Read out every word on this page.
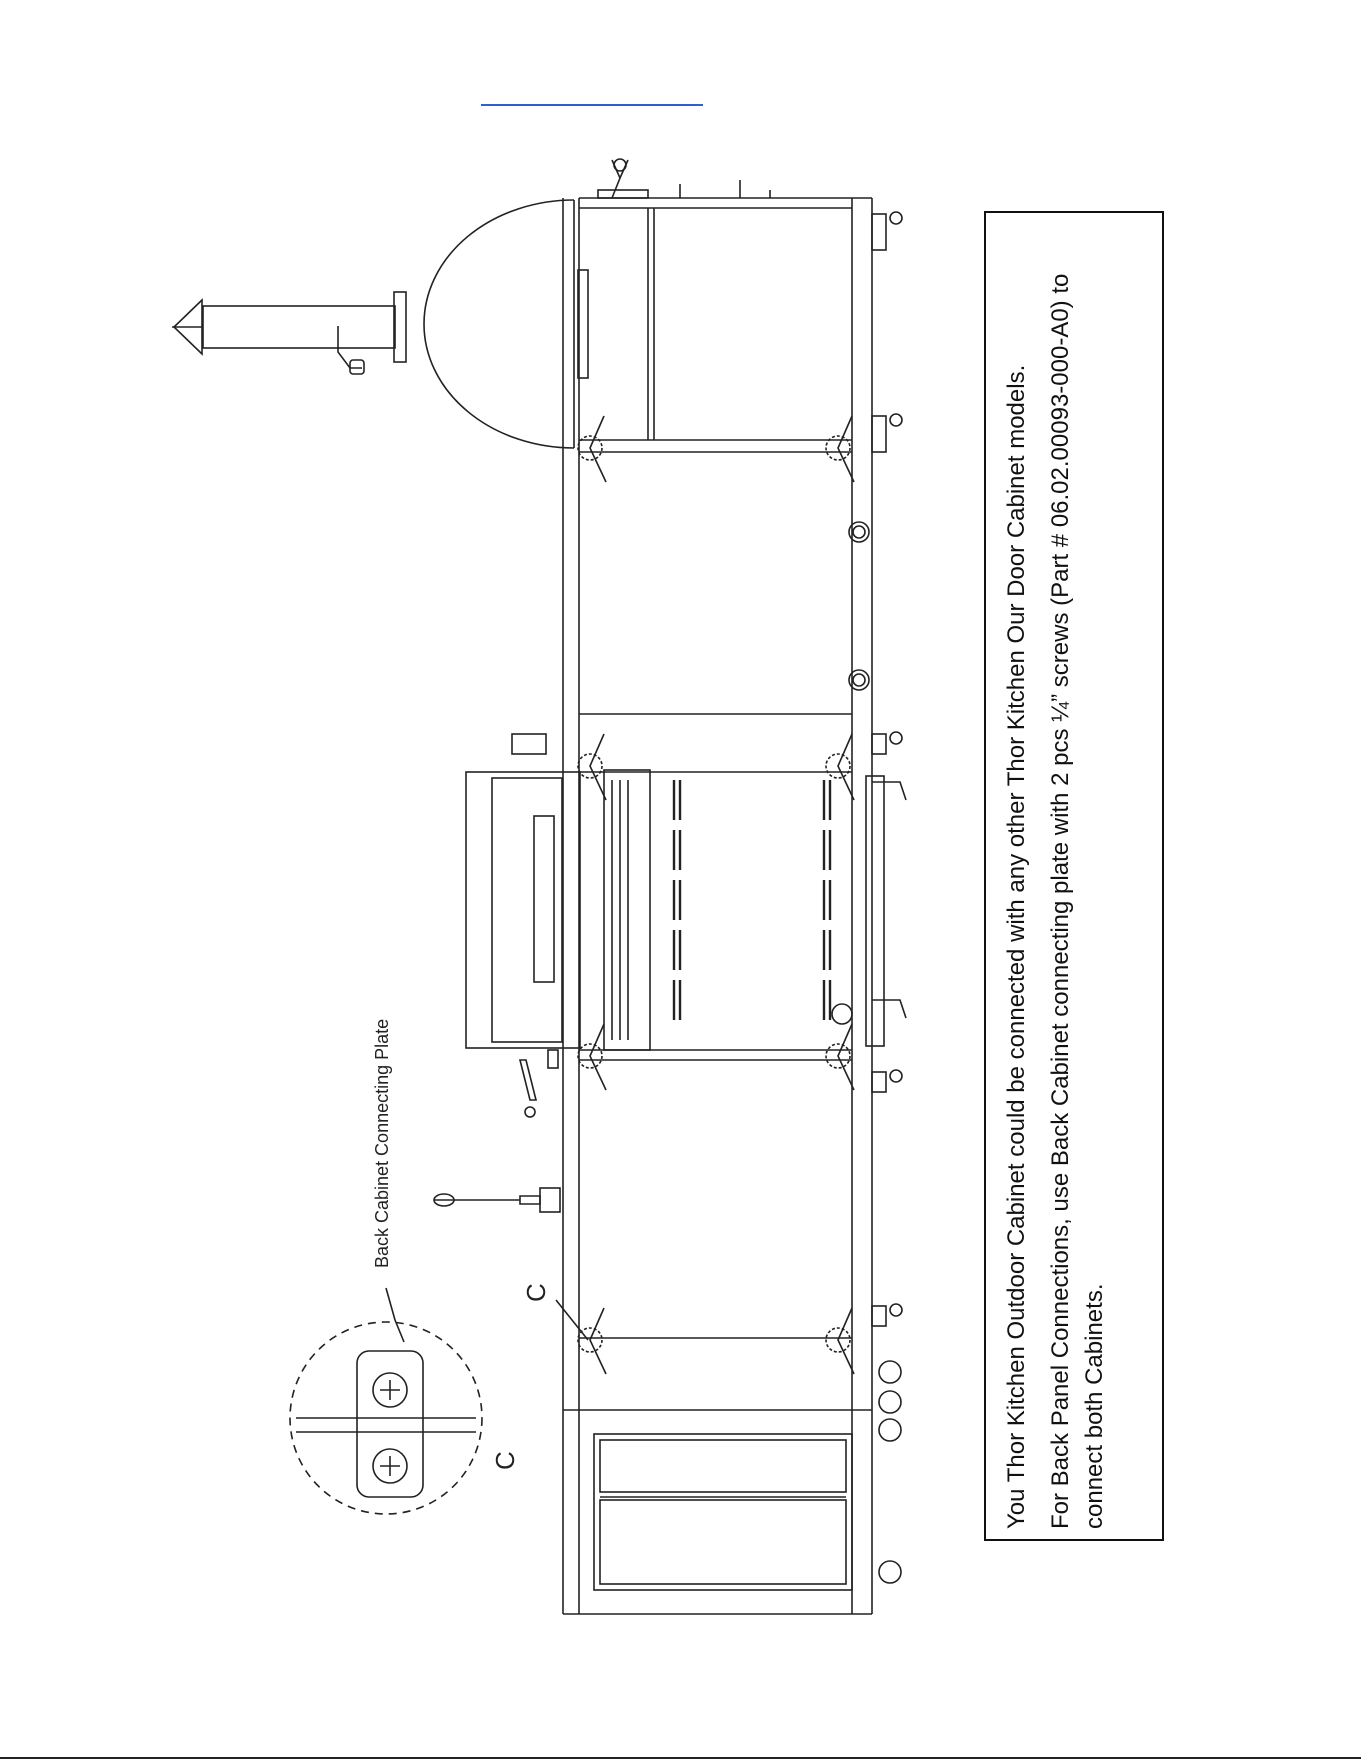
C
C
Back Cabinet Connecting Plate	You Thor Kitchen Outdoor Cabinet could be connected with any other Thor Kitchen Our Door Cabinet models. For Back Panel Connections, use Back Cabinet connecting plate with 2 pcs ¼” screws (Part # 06.02.00093-000-A0) to connect both Cabinets.
